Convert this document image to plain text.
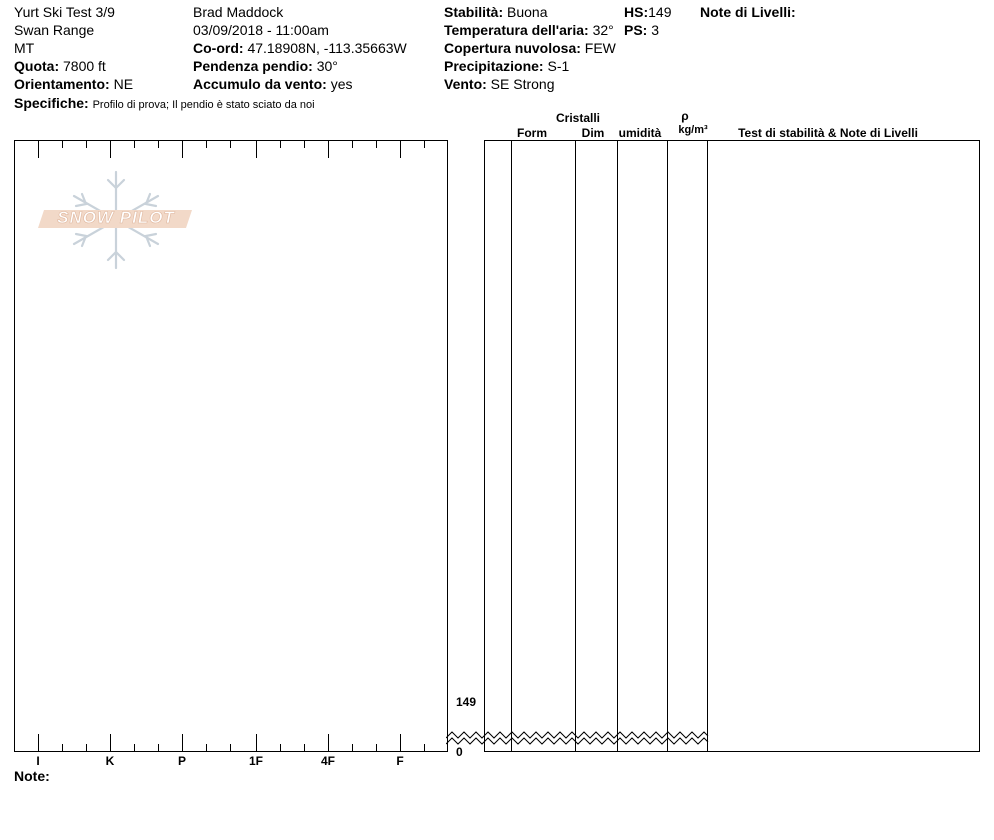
Yurt Ski Test 3/9
Swan Range
MT
Quota: 7800 ft
Orientamento: NE
Specifiche: Profilo di prova; Il pendio è stato sciato da noi
Brad Maddock
03/09/2018 - 11:00am
Co-ord: 47.18908N, -113.35663W
Pendenza pendio: 30°
Accumulo da vento: yes
Stabilità: Buona
Temperatura dell'aria: 32°
Copertura nuvolosa: FEW
Precipitazione: S-1
Vento: SE Strong
HS:149
PS: 3
Note di Livelli:
I	K	P	1F	4F	F
Note:
SNOW PILOT
149
0
Cristalli
Form	Dim	umidità
ρ
kg/m³	Test di stabilità & Note di Livelli
